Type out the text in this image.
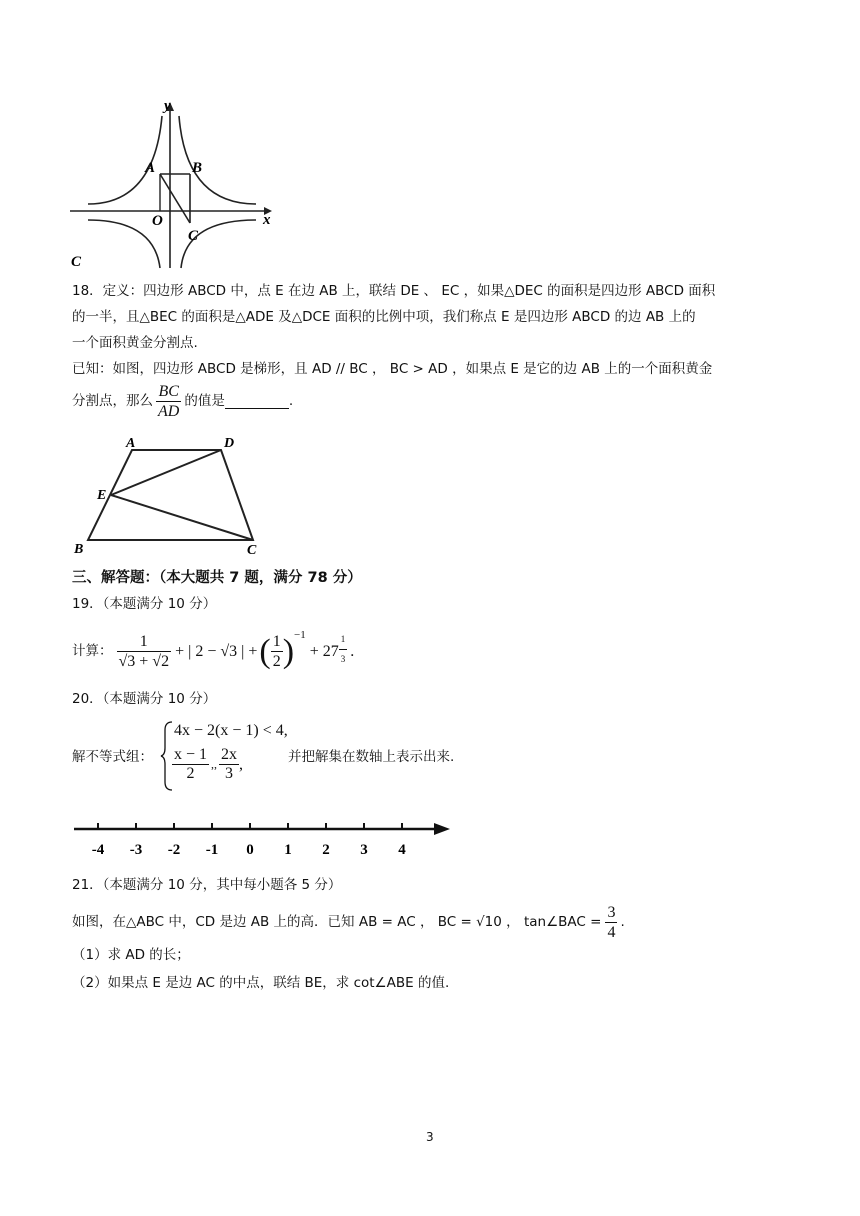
y
x
A B
O
C
C
18．定义：四边形 ABCD 中，点 E 在边 AB 上，联结 DE 、 EC ，如果△DEC 的面积是四边形 ABCD 面积
的一半，且△BEC 的面积是△ADE 及△DCE 面积的比例中项，我们称点 E 是四边形 ABCD 的边 AB 上的
一个面积黄金分割点.
已知：如图，四边形 ABCD 是梯形，且 AD // BC ， BC > AD ，如果点 E 是它的边 AB 上的一个面积黄金
分割点，那么 $\frac{BC}{AD}$ 的值是	.
A	D
E
B	C
三、解答题：（本大题共 7 题，满分 78 分）
19．（本题满分 10 分）
计算： $\frac{1}{√3 + √2}$ + | 2 − √3 | + ( $\frac{1}{2}$ ) −1
+ $27 \frac{1}{3}$ .
20．（本题满分 10 分）
解不等式组：
4x − 2(x − 1) < 4,
$\frac{x - 1}{2}$ ,, $\frac{2x}{3}$ ,	并把解集在数轴上表示出来.
-4 -3 -2 -1 0 1 2 3 4
21．（本题满分 10 分，其中每小题各 5 分）
如图，在△ABC 中，CD 是边 AB 上的高．已知 AB = AC ， BC = √10 ， tan∠BAC = $\frac{3}{4}$ .
（1）求 AD 的长；
（2）如果点 E 是边 AC 的中点，联结 BE，求 cot∠ABE 的值.
3
